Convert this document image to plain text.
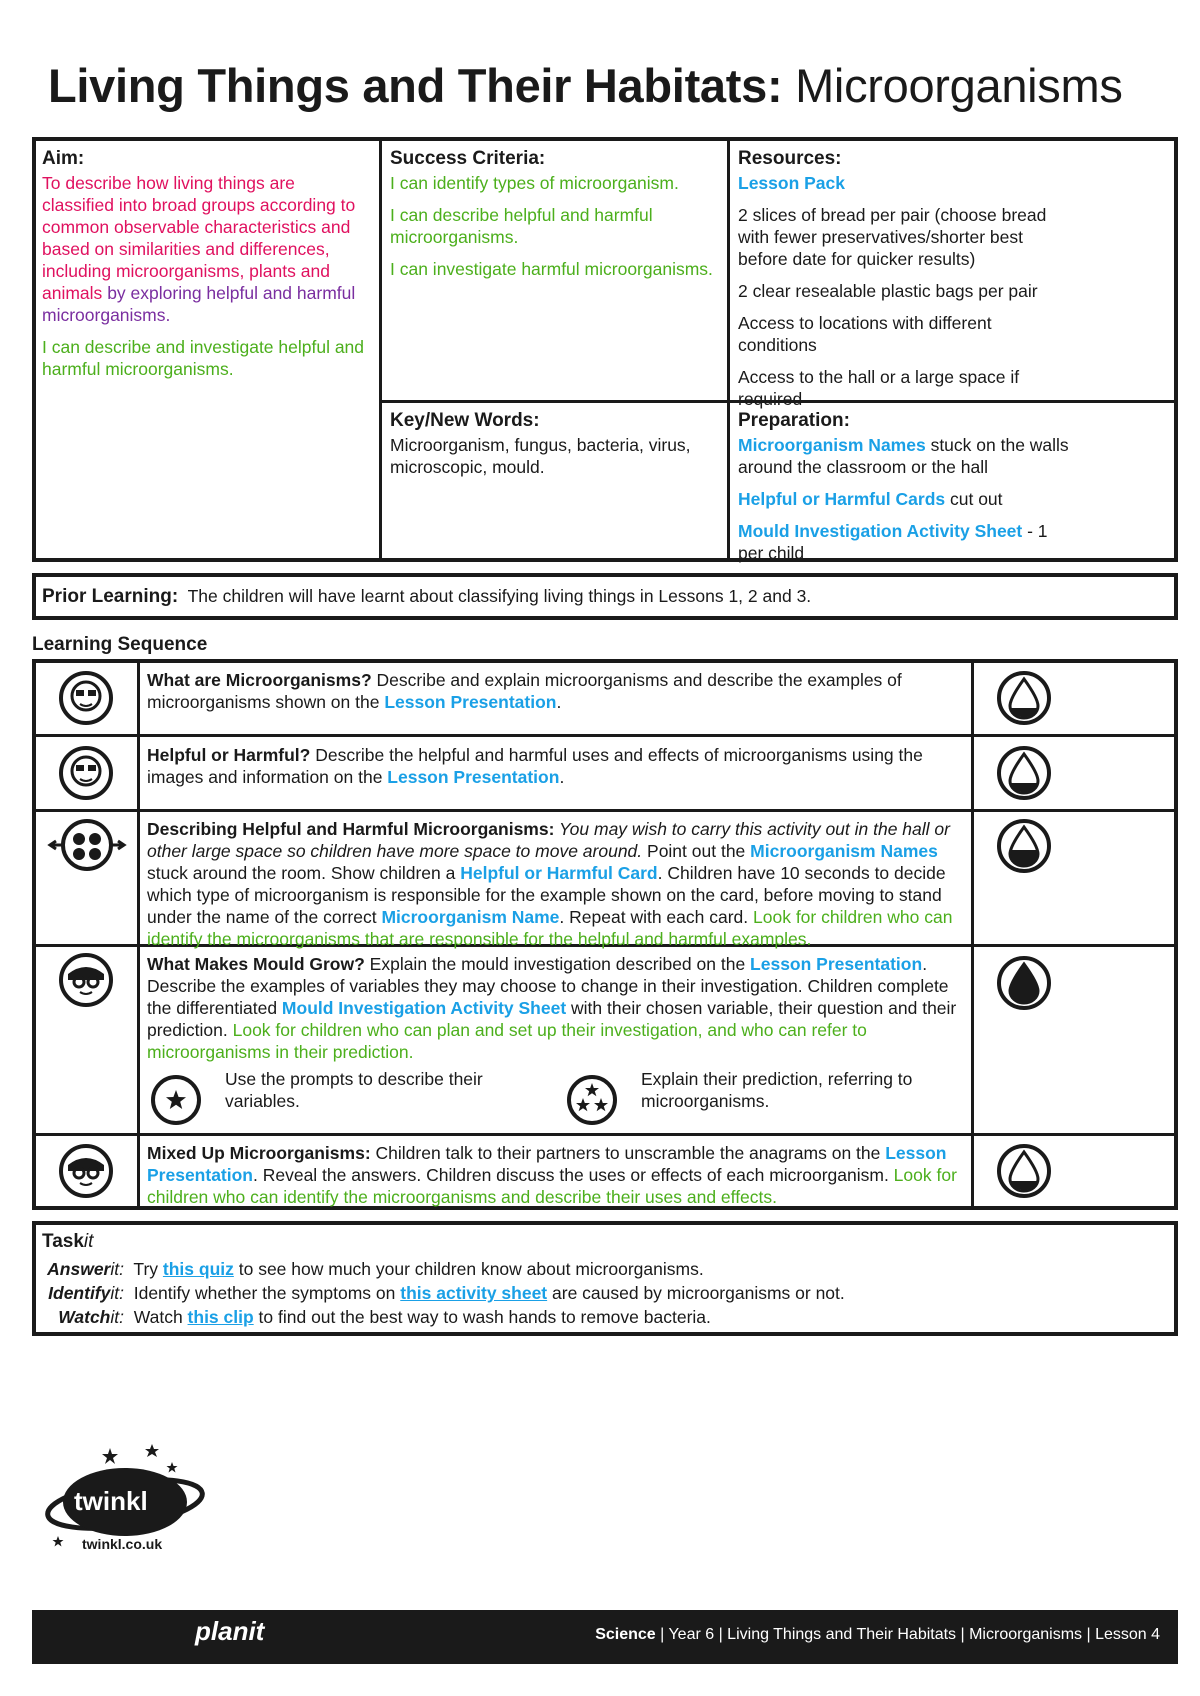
Living Things and Their Habitats: Microorganisms
Aim:

To describe how living things are classified into broad groups according to common observable characteristics and based on similarities and differences, including microorganisms, plants and animals by exploring helpful and harmful microorganisms.

I can describe and investigate helpful and harmful microorganisms.

Success Criteria:

I can identify types of microorganism.

I can describe helpful and harmful microorganisms.

I can investigate harmful microorganisms.

Resources:

Lesson Pack

2 slices of bread per pair (choose bread with fewer preservatives/shorter best before date for quicker results)

2 clear resealable plastic bags per pair

Access to locations with different conditions

Access to the hall or a large space if required

Key/New Words:

Microorganism, fungus, bacteria, virus, microscopic, mould.

Preparation:

Microorganism Names stuck on the walls around the classroom or the hall

Helpful or Harmful Cards cut out

Mould Investigation Activity Sheet - 1 per child

Prior Learning: The children will have learnt about classifying living things in Lessons 1, 2 and 3.
Learning Sequence
What are Microorganisms? Describe and explain microorganisms and describe the examples of microorganisms shown on the Lesson Presentation.
Helpful or Harmful? Describe the helpful and harmful uses and effects of microorganisms using the images and information on the Lesson Presentation.
Describing Helpful and Harmful Microorganisms: You may wish to carry this activity out in the hall or other large space so children have more space to move around. Point out the Microorganism Names stuck around the room. Show children a Helpful or Harmful Card. Children have 10 seconds to decide which type of microorganism is responsible for the example shown on the card, before moving to stand under the name of the correct Microorganism Name. Repeat with each card. Look for children who can identify the microorganisms that are responsible for the helpful and harmful examples.
What Makes Mould Grow? Explain the mould investigation described on the Lesson Presentation. Describe the examples of variables they may choose to change in their investigation. Children complete the differentiated Mould Investigation Activity Sheet with their chosen variable, their question and their prediction. Look for children who can plan and set up their investigation, and who can refer to microorganisms in their prediction.
Use the prompts to describe their variables.
Explain their prediction, referring to microorganisms.
Mixed Up Microorganisms: Children talk to their partners to unscramble the anagrams on the Lesson Presentation. Reveal the answers. Children discuss the uses or effects of each microorganism. Look for children who can identify the microorganisms and describe their uses and effects.
Taskit
Answerit: Try this quiz to see how much your children know about microorganisms.
Identifyit: Identify whether the symptoms on this activity sheet are caused by microorganisms or not.
Watchit: Watch this clip to find out the best way to wash hands to remove bacteria.
Science | Year 6 | Living Things and Their Habitats | Microorganisms | Lesson 4
twinkl
twinkl.co.uk
planit
